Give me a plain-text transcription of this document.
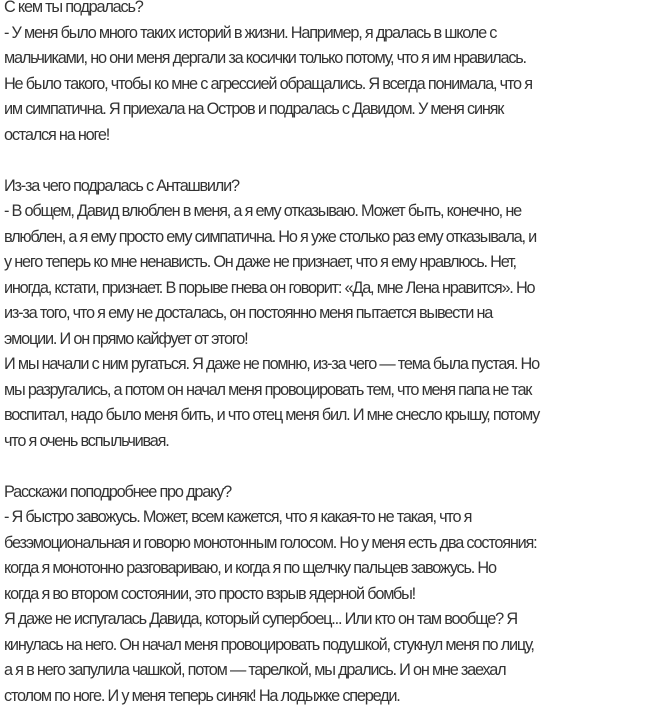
С кем ты подралась?
- У меня было много таких историй в жизни. Например, я дралась в школе с
мальчиками, но они меня дергали за косички только потому, что я им нравилась.
Не было такого, чтобы ко мне с агрессией обращались. Я всегда понимала, что я
им симпатична. Я приехала на Остров и подралась с Давидом. У меня синяк
остался на ноге!
Из-за чего подралась с Анташвили?
- В общем, Давид влюблен в меня, а я ему отказываю. Может быть, конечно, не
влюблен, а я ему просто ему симпатична. Но я уже столько раз ему отказывала, и
у него теперь ко мне ненависть. Он даже не признает, что я ему нравлюсь. Нет,
иногда, кстати, признает. В порыве гнева он говорит: «Да, мне Лена нравится». Но
из-за того, что я ему не досталась, он постоянно меня пытается вывести на
эмоции. И он прямо кайфует от этого!
И мы начали с ним ругаться. Я даже не помню, из-за чего — тема была пустая. Но
мы разругались, а потом он начал меня провоцировать тем, что меня папа не так
воспитал, надо было меня бить, и что отец меня бил. И мне снесло крышу, потому
что я очень вспыльчивая.
Расскажи поподробнее про драку?
- Я быстро завожусь. Может, всем кажется, что я какая-то не такая, что я
безэмоциональная и говорю монотонным голосом. Но у меня есть два состояния:
когда я монотонно разговариваю, и когда я по щелчку пальцев завожусь. Но
когда я во втором состоянии, это просто взрыв ядерной бомбы!
Я даже не испугалась Давида, который супербоец... Или кто он там вообще? Я
кинулась на него. Он начал меня провоцировать подушкой, стукнул меня по лицу,
а я в него запулила чашкой, потом — тарелкой, мы дрались. И он мне заехал
столом по ноге. И у меня теперь синяк! На лодыжке спереди.
